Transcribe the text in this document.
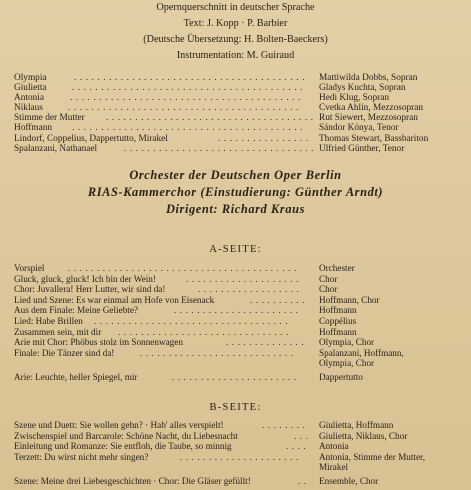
Opernquerschnitt in deutscher Sprache
Text: J. Kopp · P. Barbier
(Deutsche Übersetzung: H. Bolten-Baeckers)
Instrumentation: M. Guiraud
Olympia	. . . . . . . . . . . . . . . . . . . . . . . . . . . . . . . . . . . . . . . .	Mattiwilda Dobbs, Sopran
Giulietta	. . . . . . . . . . . . . . . . . . . . . . . . . . . . . . . . . . . . . . . .	Gladys Kuchta, Sopran
Antonia	. . . . . . . . . . . . . . . . . . . . . . . . . . . . . . . . . . . . . . . .	Hedi Klug, Sopran
Niklaus	. . . . . . . . . . . . . . . . . . . . . . . . . . . . . . . . . . . . . . . .	Cvetka Ahlin, Mezzosopran
Stimme der Mutter . . . . . . . . . . . . . . . . . . . . . . . . . . . . . . . . . . . . Rut Siewert, Mezzosopran
Hoffmann . . . . . . . . . . . . . . . . . . . . . . . . . . . . . . . . . . . . . . . .	Sándor Kónya, Tenor
Lindorf, Coppelius, Dappertutto, Mirakel	. . . . . . . . . . . . . . . .	Thomas Stewart, Bassbariton
Spalanzani, Nathanael	. . . . . . . . . . . . . . . . . . . . . . . . . . . . . . . . . Ulfried Günther, Tenor
Orchester der Deutschen Oper Berlin
RIAS-Kammerchor (Einstudierung: Günther Arndt)
Dirigent: Richard Kraus
A-SEITE:
Vorspiel	. . . . . . . . . . . . . . . . . . . . . . . . . . . . . . . . . . . . . . . .	Orchester
Gluck, gluck, gluck! Ich bin der Wein!	. . . . . . . . . . . . . . . . . . . .	Chor
Chor: Juvallera! Herr Lutter, wir sind da!	. . . . . . . . . . . . . . . . . .	Chor
Lied und Szene: Es war einmal am Hofe von Eisenack	. . . . . . . . . .	Hoffmann, Chor
Aus dem Finale: Meine Geliebte?	. . . . . . . . . . . . . . . . . . . . . .	Hoffmann
Lied: Habe Brillen . . . . . . . . . . . . . . . . . . . . . . . . . . . . . . . . . .	Coppélius
Zusammen sein, mit dir . . . . . . . . . . . . . . . . . . . . . . . . . . . . . .	Hoffmann
Arie mit Chor: Phöbus stolz im Sonnenwagen	. . . . . . . . . . . . . .	Olympia, Chor
Finale: Die Tänzer sind da!	. . . . . . . . . . . . . . . . . . . . . . . . . . .	Spalanzani, Hoffmann,
Olympia, Chor
Arie: Leuchte, heller Spiegel, mir	. . . . . . . . . . . . . . . . . . . . . .	Dappertutto
B-SEITE:
Szene und Duett: Sie wollen gehn? · Hab' alles verspielt!	. . . . . . . .	Giulietta, Hoffmann
Zwischenspiel und Barcarole: Schöne Nacht, du Liebesnacht	. . .	Giulietta, Niklaus, Chor
Einleitung und Romanze: Sie entfloh, die Taube, so minnig	. . . .	Antonia
Terzett: Du wirst nicht mehr singen?	. . . . . . . . . . . . . . . . . . . . .	Antonia, Stimme der Mutter,
Mirakel
Szene: Meine drei Liebesgeschichten · Chor: Die Gläser gefüllt!	. .	Ensemble, Chor
